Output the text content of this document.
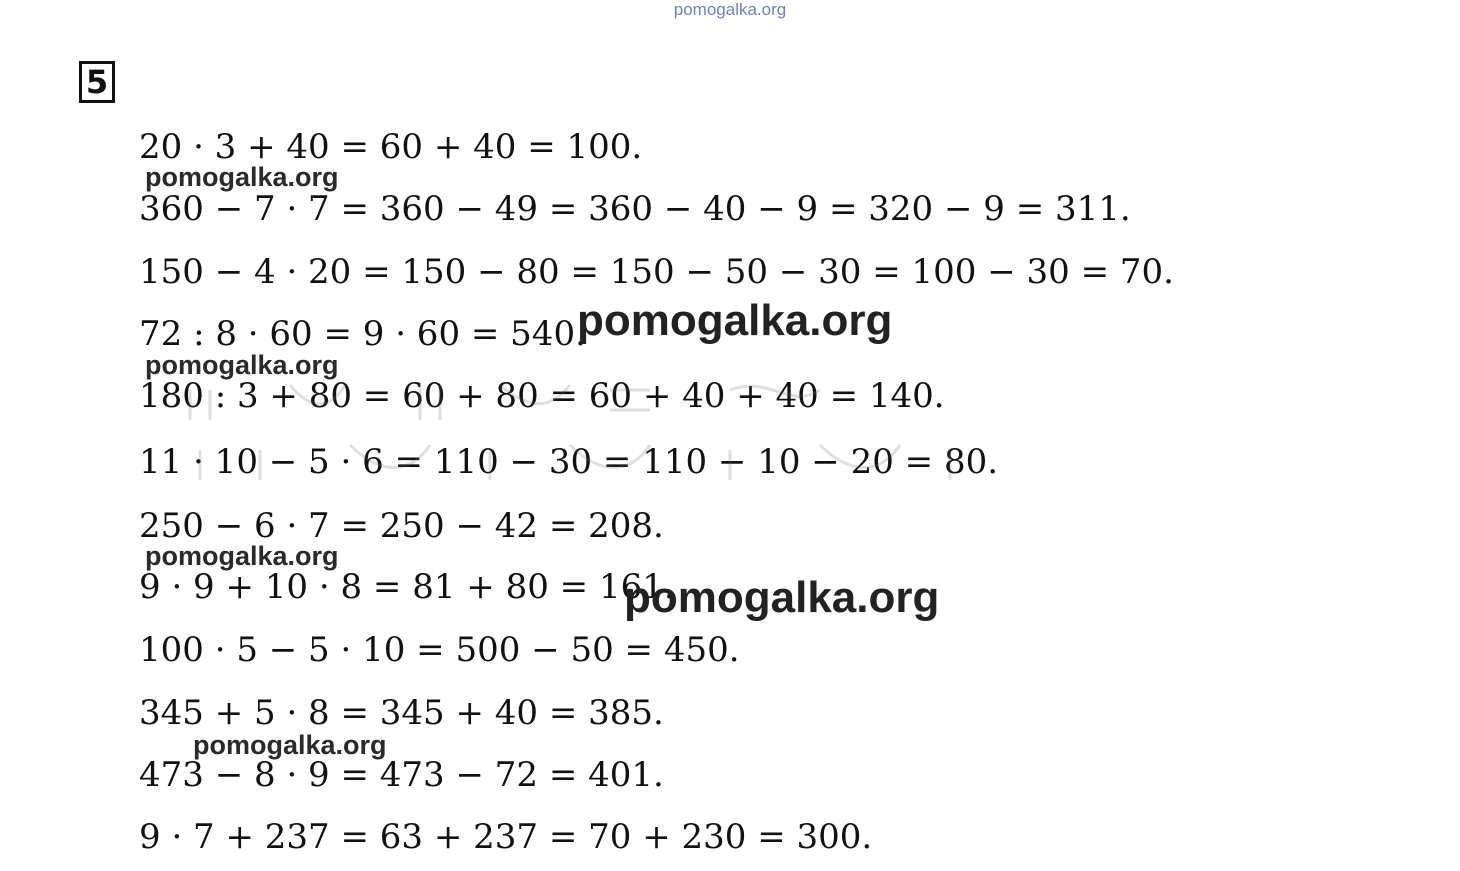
pomogalka.org
5
20 · 3 + 40 = 60 + 40 = 100.
360 − 7 · 7 = 360 − 49 = 360 − 40 − 9 = 320 − 9 = 311.
150 − 4 · 20 = 150 − 80 = 150 − 50 − 30 = 100 − 30 = 70.
72 : 8 · 60 = 9 · 60 = 540.
180 : 3 + 80 = 60 + 80 = 60 + 40 + 40 = 140.
11 · 10 − 5 · 6 = 110 − 30 = 110 − 10 − 20 = 80.
250 − 6 · 7 = 250 − 42 = 208.
9 · 9 + 10 · 8 = 81 + 80 = 161.
100 · 5 − 5 · 10 = 500 − 50 = 450.
345 + 5 · 8 = 345 + 40 = 385.
473 − 8 · 9 = 473 − 72 = 401.
9 · 7 + 237 = 63 + 237 = 70 + 230 = 300.
pomogalka.org
pomogalka.org
pomogalka.org
pomogalka.org
pomogalka.org
pomogalka.org
